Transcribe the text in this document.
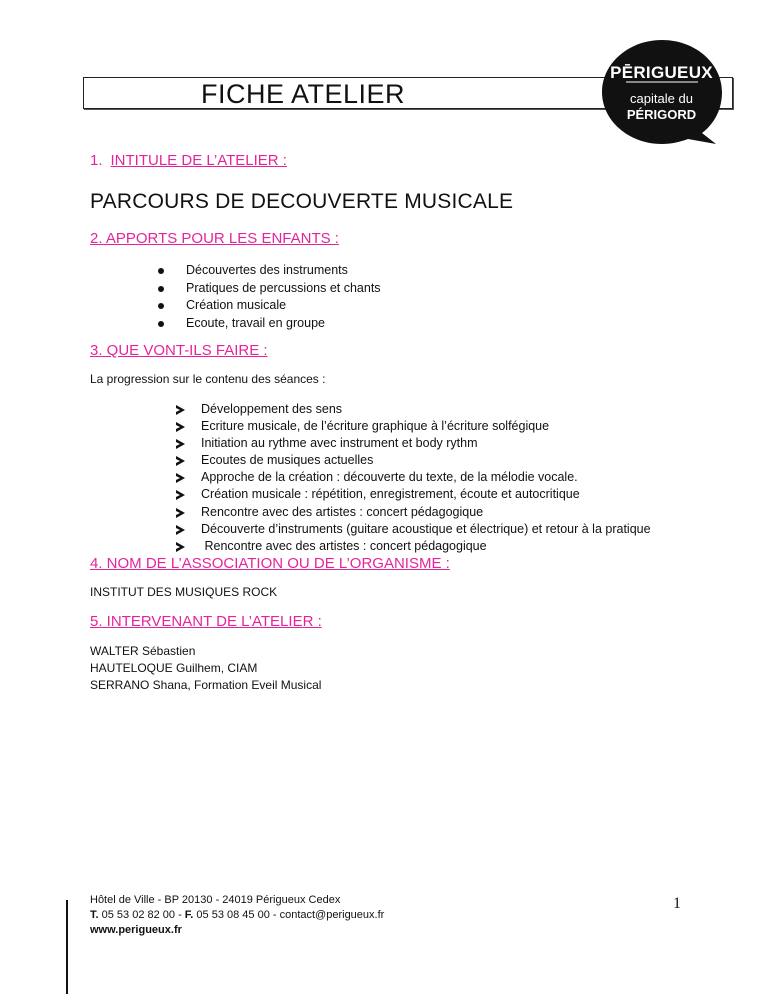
FICHE ATELIER
PĒRIGUEUX
capitale du
PÉRIGORD
1. INTITULE DE L’ATELIER :
PARCOURS DE DECOUVERTE MUSICALE
2. APPORTS POUR LES ENFANTS :
Découvertes des instruments
Pratiques de percussions et chants
Création musicale
Ecoute, travail en groupe
3. QUE VONT-ILS FAIRE :
La progression sur le contenu des séances :
Développement des sens
Ecriture musicale, de l’écriture graphique à l’écriture solfégique
Initiation au rythme avec instrument et body rythm
Ecoutes de musiques actuelles
Approche de la création : découverte du texte, de la mélodie vocale.
Création musicale : répétition, enregistrement, écoute et autocritique
Rencontre avec des artistes : concert pédagogique
Découverte d’instruments (guitare acoustique et électrique) et retour à la pratique
Rencontre avec des artistes : concert pédagogique
4. NOM DE L’ASSOCIATION OU DE L’ORGANISME :
INSTITUT DES MUSIQUES ROCK
5. INTERVENANT DE L’ATELIER :
WALTER Sébastien
HAUTELOQUE Guilhem, CIAM
SERRANO Shana, Formation Eveil Musical
Hôtel de Ville - BP 20130 - 24019 Périgueux Cedex
T. 05 53 02 82 00 - F. 05 53 08 45 00 - contact@perigueux.fr
www.perigueux.fr
1
